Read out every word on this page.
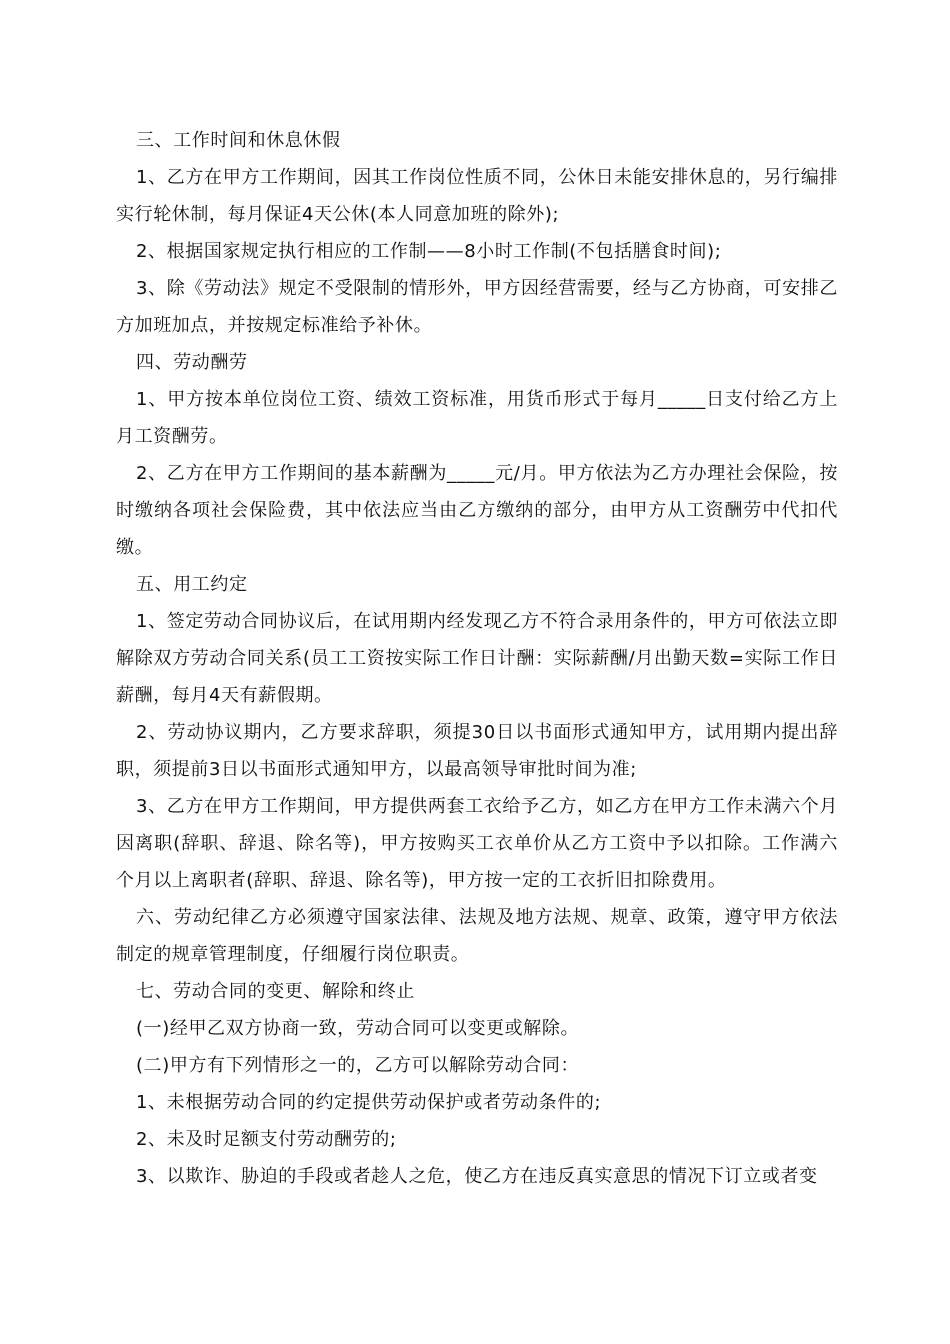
三、工作时间和休息休假

1、乙方在甲方工作期间，因其工作岗位性质不同，公休日未能安排休息的，另行编排实行轮休制，每月保证4天公休(本人同意加班的除外);

2、根据国家规定执行相应的工作制——8小时工作制(不包括膳食时间);

3、除《劳动法》规定不受限制的情形外，甲方因经营需要，经与乙方协商，可安排乙方加班加点，并按规定标准给予补休。

四、劳动酬劳

1、甲方按本单位岗位工资、绩效工资标准，用货币形式于每月_____日支付给乙方上月工资酬劳。

2、乙方在甲方工作期间的基本薪酬为_____元/月。甲方依法为乙方办理社会保险，按时缴纳各项社会保险费，其中依法应当由乙方缴纳的部分，由甲方从工资酬劳中代扣代缴。

五、用工约定

1、签定劳动合同协议后，在试用期内经发现乙方不符合录用条件的，甲方可依法立即解除双方劳动合同关系(员工工资按实际工作日计酬：实际薪酬/月出勤天数=实际工作日薪酬，每月4天有薪假期。

2、劳动协议期内，乙方要求辞职，须提30日以书面形式通知甲方，试用期内提出辞职，须提前3日以书面形式通知甲方，以最高领导审批时间为准;

3、乙方在甲方工作期间，甲方提供两套工衣给予乙方，如乙方在甲方工作未满六个月因离职(辞职、辞退、除名等)，甲方按购买工衣单价从乙方工资中予以扣除。工作满六个月以上离职者(辞职、辞退、除名等)，甲方按一定的工衣折旧扣除费用。

六、劳动纪律乙方必须遵守国家法律、法规及地方法规、规章、政策，遵守甲方依法制定的规章管理制度，仔细履行岗位职责。

七、劳动合同的变更、解除和终止

(一)经甲乙双方协商一致，劳动合同可以变更或解除。

(二)甲方有下列情形之一的，乙方可以解除劳动合同：

1、未根据劳动合同的约定提供劳动保护或者劳动条件的;

2、未及时足额支付劳动酬劳的;

3、以欺诈、胁迫的手段或者趁人之危，使乙方在违反真实意思的情况下订立或者变
